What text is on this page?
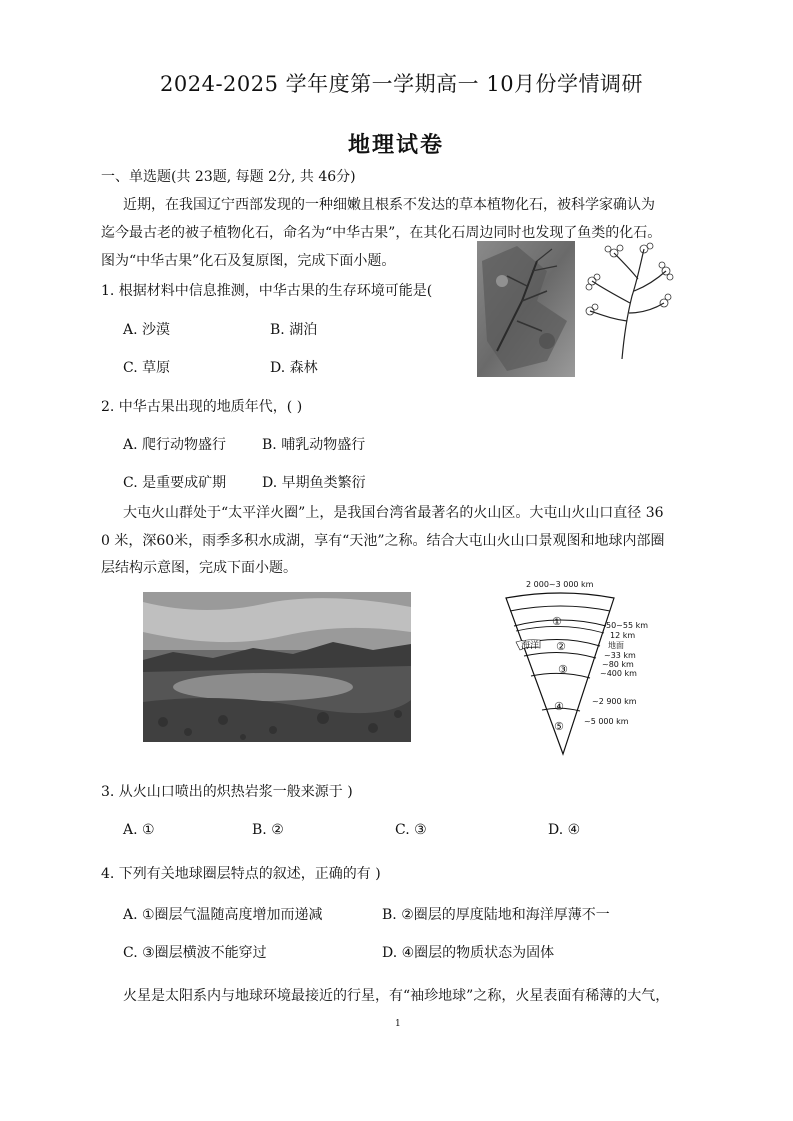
2024-2025 学年度第一学期高一 10月份学情调研
地理试卷
一、单选题(共 23题, 每题 2分, 共 46分)
近期，在我国辽宁西部发现的一种细嫩且根系不发达的草本植物化石，被科学家确认为
迄今最古老的被子植物化石，命名为“中华古果”，在其化石周边同时也发现了鱼类的化石。
图为“中华古果”化石及复原图，完成下面小题。
1. 根据材料中信息推测，中华古果的生存环境可能是(
A. 沙漠	B. 湖泊
C. 草原	D. 森林
2. 中华古果出现的地质年代，( )
A. 爬行动物盛行	B. 哺乳动物盛行
C. 是重要成矿期	D. 早期鱼类繁衍
大屯火山群处于“太平洋火圈”上，是我国台湾省最著名的火山区。大屯山火山口直径 36
0 米，深60米，雨季多积水成湖，享有“天池”之称。结合大屯山火山口景观图和地球内部圈
层结构示意图，完成下面小题。
2 000~3 000 km
海洋
①
②
③
④
⑤
50~55 km
12 km
地面
~33 km
~80 km
~400 km
~2 900 km
~5 000 km
3. 从火山口喷出的炽热岩浆一般来源于 )
A. ①	B. ②	C. ③	D. ④
4. 下列有关地球圈层特点的叙述，正确的有 )
A. ①圈层气温随高度增加而递减	B. ②圈层的厚度陆地和海洋厚薄不一
C. ③圈层横波不能穿过	D. ④圈层的物质状态为固体
火星是太阳系内与地球环境最接近的行星，有“袖珍地球”之称，火星表面有稀薄的大气，
1
